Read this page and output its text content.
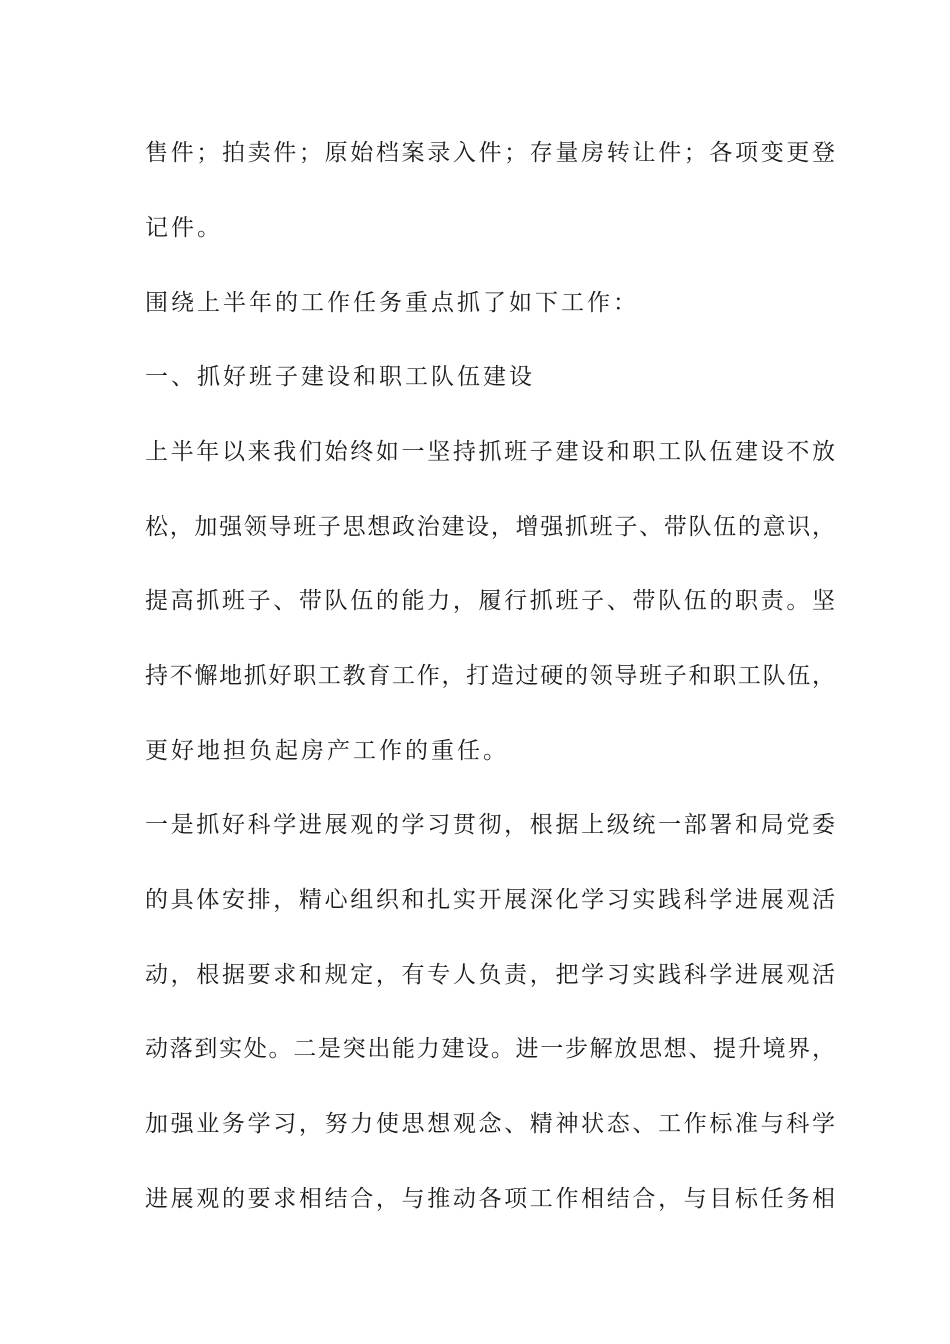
售件；拍卖件；原始档案录入件；存量房转让件；各项变更登
记件。
围绕上半年的工作任务重点抓了如下工作：
一、抓好班子建设和职工队伍建设
上半年以来我们始终如一坚持抓班子建设和职工队伍建设不放
松，加强领导班子思想政治建设，增强抓班子、带队伍的意识，
提高抓班子、带队伍的能力，履行抓班子、带队伍的职责。坚
持不懈地抓好职工教育工作，打造过硬的领导班子和职工队伍，
更好地担负起房产工作的重任。
一是抓好科学进展观的学习贯彻，根据上级统一部署和局党委
的具体安排，精心组织和扎实开展深化学习实践科学进展观活
动，根据要求和规定，有专人负责，把学习实践科学进展观活
动落到实处。二是突出能力建设。进一步解放思想、提升境界，
加强业务学习，努力使思想观念、精神状态、工作标准与科学
进展观的要求相结合，与推动各项工作相结合，与目标任务相
